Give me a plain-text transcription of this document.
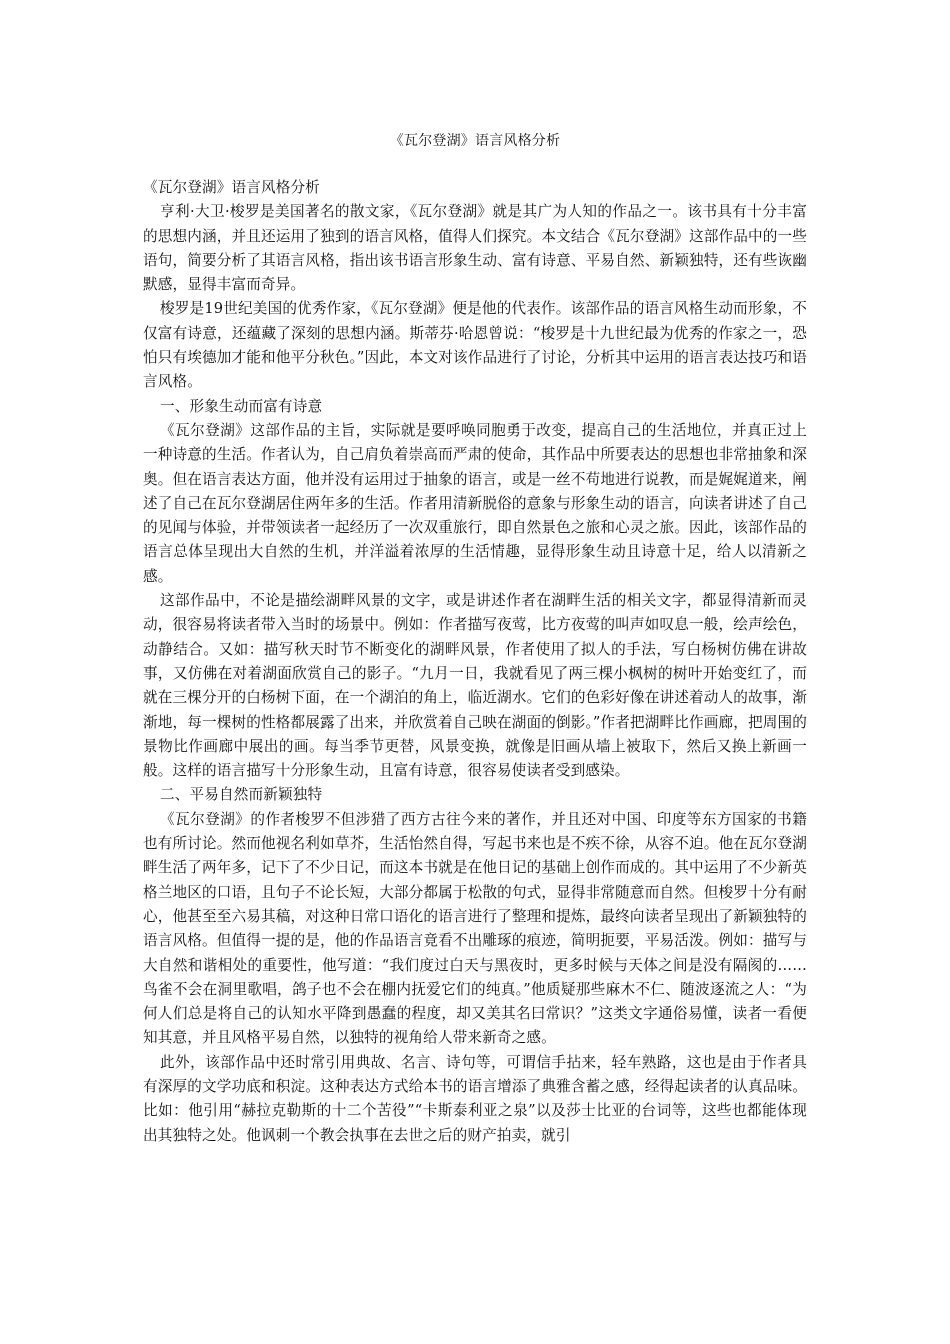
《瓦尔登湖》语言风格分析

《瓦尔登湖》语言风格分析

亨利·大卫·梭罗是美国著名的散文家，《瓦尔登湖》就是其广为人知的作品之一。该书具有十分丰富的思想内涵，并且还运用了独到的语言风格，值得人们探究。本文结合《瓦尔登湖》这部作品中的一些语句，简要分析了其语言风格，指出该书语言形象生动、富有诗意、平易自然、新颖独特，还有些诙幽默感，显得丰富而奇异。

梭罗是19世纪美国的优秀作家，《瓦尔登湖》便是他的代表作。该部作品的语言风格生动而形象，不仅富有诗意，还蕴藏了深刻的思想内涵。斯蒂芬·哈恩曾说：“梭罗是十九世纪最为优秀的作家之一，恐怕只有埃德加才能和他平分秋色。”因此，本文对该作品进行了讨论，分析其中运用的语言表达技巧和语言风格。

一、形象生动而富有诗意

《瓦尔登湖》这部作品的主旨，实际就是要呼唤同胞勇于改变，提高自己的生活地位，并真正过上一种诗意的生活。作者认为，自己肩负着崇高而严肃的使命，其作品中所要表达的思想也非常抽象和深奥。但在语言表达方面，他并没有运用过于抽象的语言，或是一丝不苟地进行说教，而是娓娓道来，阐述了自己在瓦尔登湖居住两年多的生活。作者用清新脱俗的意象与形象生动的语言，向读者讲述了自己的见闻与体验，并带领读者一起经历了一次双重旅行，即自然景色之旅和心灵之旅。因此，该部作品的语言总体呈现出大自然的生机，并洋溢着浓厚的生活情趣，显得形象生动且诗意十足，给人以清新之感。

这部作品中，不论是描绘湖畔风景的文字，或是讲述作者在湖畔生活的相关文字，都显得清新而灵动，很容易将读者带入当时的场景中。例如：作者描写夜莺，比方夜莺的叫声如叹息一般，绘声绘色，动静结合。又如：描写秋天时节不断变化的湖畔风景，作者使用了拟人的手法，写白杨树仿佛在讲故事，又仿佛在对着湖面欣赏自己的影子。“九月一日，我就看见了两三棵小枫树的树叶开始变红了，而就在三棵分开的白杨树下面，在一个湖泊的角上，临近湖水。它们的色彩好像在讲述着动人的故事，渐渐地，每一棵树的性格都展露了出来，并欣赏着自己映在湖面的倒影。”作者把湖畔比作画廊，把周围的景物比作画廊中展出的画。每当季节更替，风景变换，就像是旧画从墙上被取下，然后又换上新画一般。这样的语言描写十分形象生动，且富有诗意，很容易使读者受到感染。

二、平易自然而新颖独特

《瓦尔登湖》的作者梭罗不但涉猎了西方古往今来的著作，并且还对中国、印度等东方国家的书籍也有所讨论。然而他视名利如草芥，生活怡然自得，写起书来也是不疾不徐，从容不迫。他在瓦尔登湖畔生活了两年多，记下了不少日记，而这本书就是在他日记的基础上创作而成的。其中运用了不少新英格兰地区的口语，且句子不论长短，大部分都属于松散的句式，显得非常随意而自然。但梭罗十分有耐心，他甚至至六易其稿，对这种日常口语化的语言进行了整理和提炼，最终向读者呈现出了新颖独特的语言风格。但值得一提的是，他的作品语言竟看不出雕琢的痕迹，简明扼要，平易活泼。例如：描写与大自然和谐相处的重要性，他写道：“我们度过白天与黑夜时，更多时候与天体之间是没有隔阂的……鸟雀不会在洞里歌唱，鸽子也不会在棚内抚爱它们的纯真。”他质疑那些麻木不仁、随波逐流之人：“为何人们总是将自己的认知水平降到愚蠢的程度，却又美其名曰常识？”这类文字通俗易懂，读者一看便知其意，并且风格平易自然，以独特的视角给人带来新奇之感。

此外，该部作品中还时常引用典故、名言、诗句等，可谓信手拈来，轻车熟路，这也是由于作者具有深厚的文学功底和积淀。这种表达方式给本书的语言增添了典雅含蓄之感，经得起读者的认真品味。比如：他引用“赫拉克勒斯的十二个苦役”“卡斯泰利亚之泉”以及莎士比亚的台词等，这些也都能体现出其独特之处。他讽刺一个教会执事在去世之后的财产拍卖，就引
